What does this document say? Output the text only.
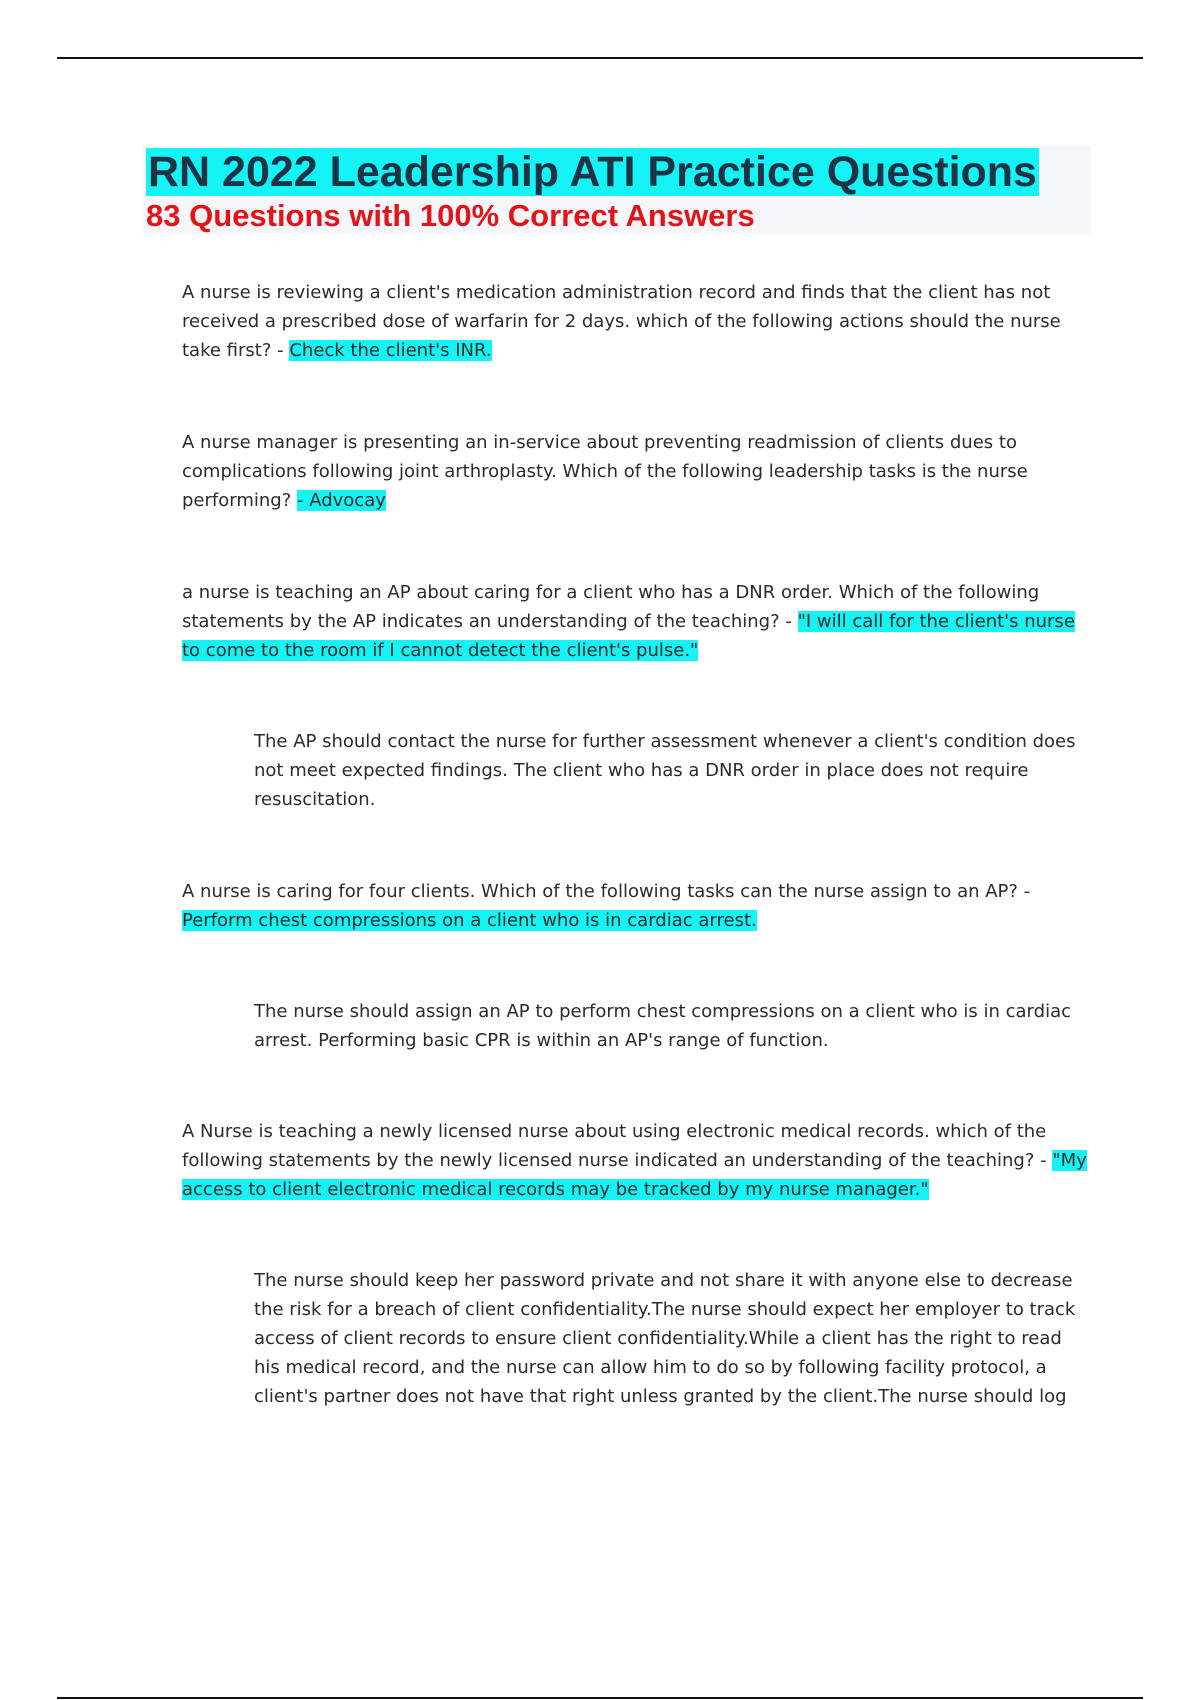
RN 2022 Leadership ATI Practice Questions
83 Questions with 100% Correct Answers
A nurse is reviewing a client's medication administration record and finds that the client has not received a prescribed dose of warfarin for 2 days. which of the following actions should the nurse take first? - Check the client's INR.
A nurse manager is presenting an in-service about preventing readmission of clients dues to complications following joint arthroplasty. Which of the following leadership tasks is the nurse performing? - Advocay
a nurse is teaching an AP about caring for a client who has a DNR order. Which of the following statements by the AP indicates an understanding of the teaching? - "I will call for the client's nurse to come to the room if I cannot detect the client's pulse."
The AP should contact the nurse for further assessment whenever a client's condition does not meet expected findings. The client who has a DNR order in place does not require resuscitation.
A nurse is caring for four clients. Which of the following tasks can the nurse assign to an AP? - Perform chest compressions on a client who is in cardiac arrest.
The nurse should assign an AP to perform chest compressions on a client who is in cardiac arrest. Performing basic CPR is within an AP's range of function.
A Nurse is teaching a newly licensed nurse about using electronic medical records. which of the following statements by the newly licensed nurse indicated an understanding of the teaching? - "My access to client electronic medical records may be tracked by my nurse manager."
The nurse should keep her password private and not share it with anyone else to decrease the risk for a breach of client confidentiality.The nurse should expect her employer to track access of client records to ensure client confidentiality.While a client has the right to read his medical record, and the nurse can allow him to do so by following facility protocol, a client's partner does not have that right unless granted by the client.The nurse should log
